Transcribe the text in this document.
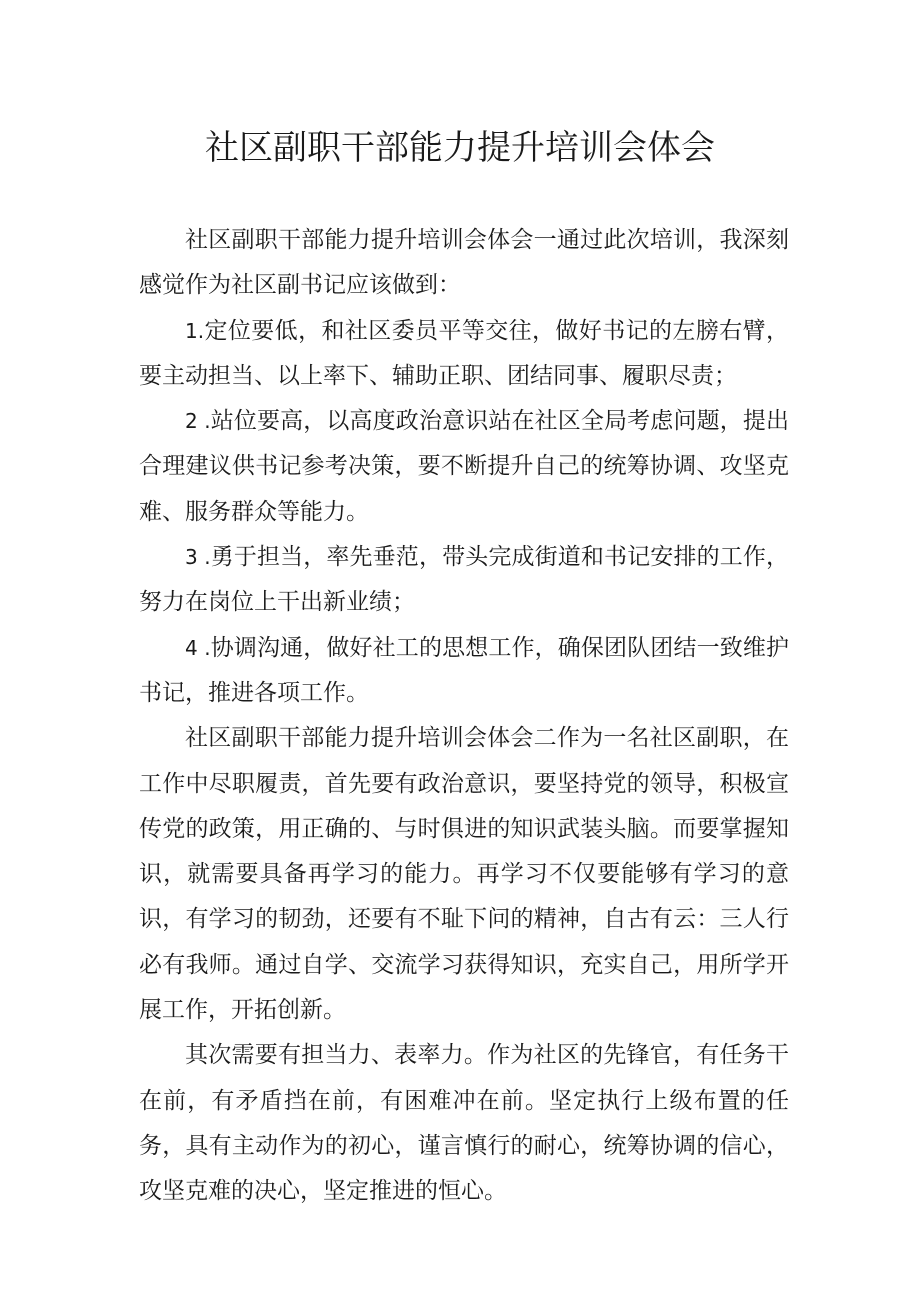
社区副职干部能力提升培训会体会

社区副职干部能力提升培训会体会一通过此次培训，我深刻感觉作为社区副书记应该做到：

1.定位要低，和社区委员平等交往，做好书记的左膀右臂，要主动担当、以上率下、辅助正职、团结同事、履职尽责；

2 .站位要高，以高度政治意识站在社区全局考虑问题，提出合理建议供书记参考决策，要不断提升自己的统筹协调、攻坚克难、服务群众等能力。

3 .勇于担当，率先垂范，带头完成街道和书记安排的工作，努力在岗位上干出新业绩；

4 .协调沟通，做好社工的思想工作，确保团队团结一致维护书记，推进各项工作。

社区副职干部能力提升培训会体会二作为一名社区副职，在工作中尽职履责，首先要有政治意识，要坚持党的领导，积极宣传党的政策，用正确的、与时俱进的知识武装头脑。而要掌握知识，就需要具备再学习的能力。再学习不仅要能够有学习的意识，有学习的韧劲，还要有不耻下问的精神，自古有云：三人行必有我师。通过自学、交流学习获得知识，充实自己，用所学开展工作，开拓创新。

其次需要有担当力、表率力。作为社区的先锋官，有任务干在前，有矛盾挡在前，有困难冲在前。坚定执行上级布置的任务，具有主动作为的初心，谨言慎行的耐心，统筹协调的信心，攻坚克难的决心，坚定推进的恒心。
